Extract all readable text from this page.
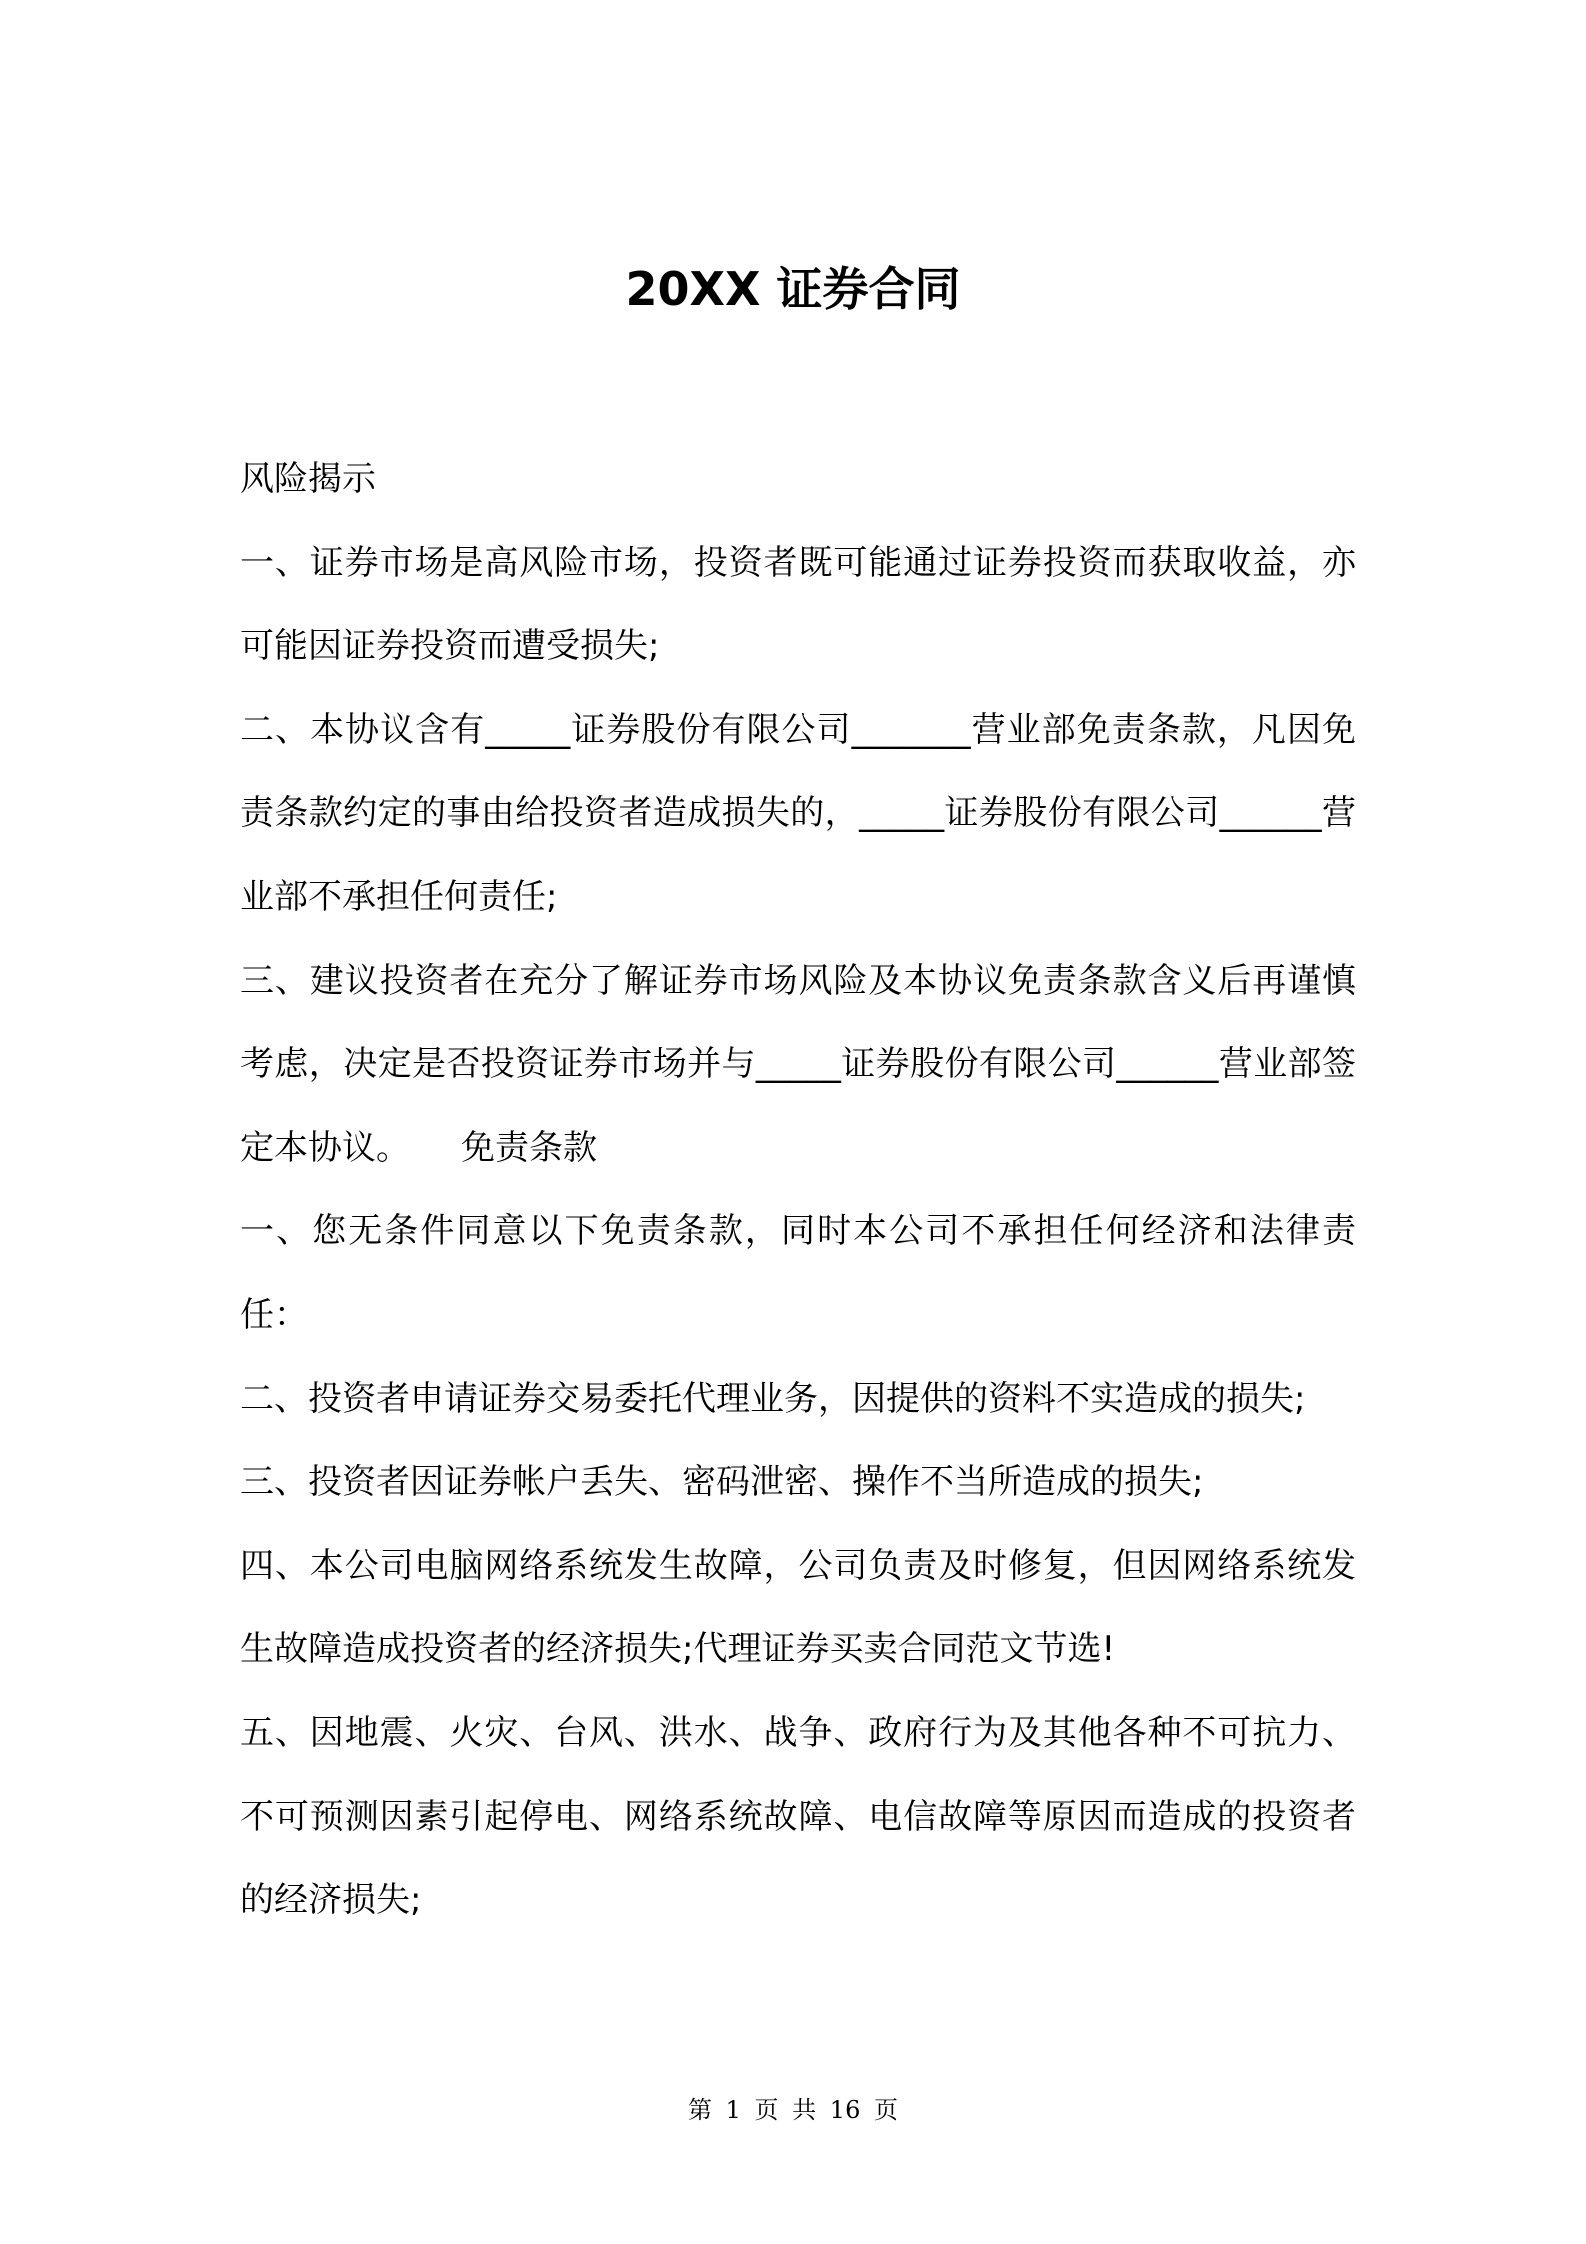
20XX 证券合同

风险揭示

一、证券市场是高风险市场，投资者既可能通过证券投资而获取收益，亦可能因证券投资而遭受损失;

二、本协议含有_____证券股份有限公司_______营业部免责条款，凡因免责条款约定的事由给投资者造成损失的，_____证券股份有限公司______营业部不承担任何责任;

三、建议投资者在充分了解证券市场风险及本协议免责条款含义后再谨慎考虑，决定是否投资证券市场并与_____证券股份有限公司______营业部签定本协议。　　免责条款

一、您无条件同意以下免责条款，同时本公司不承担任何经济和法律责任：

二、投资者申请证券交易委托代理业务，因提供的资料不实造成的损失;

三、投资者因证券帐户丢失、密码泄密、操作不当所造成的损失;

四、本公司电脑网络系统发生故障，公司负责及时修复，但因网络系统发生故障造成投资者的经济损失;代理证券买卖合同范文节选!

五、因地震、火灾、台风、洪水、战争、政府行为及其他各种不可抗力、不可预测因素引起停电、网络系统故障、电信故障等原因而造成的投资者的经济损失;

第 1 页 共 16 页
